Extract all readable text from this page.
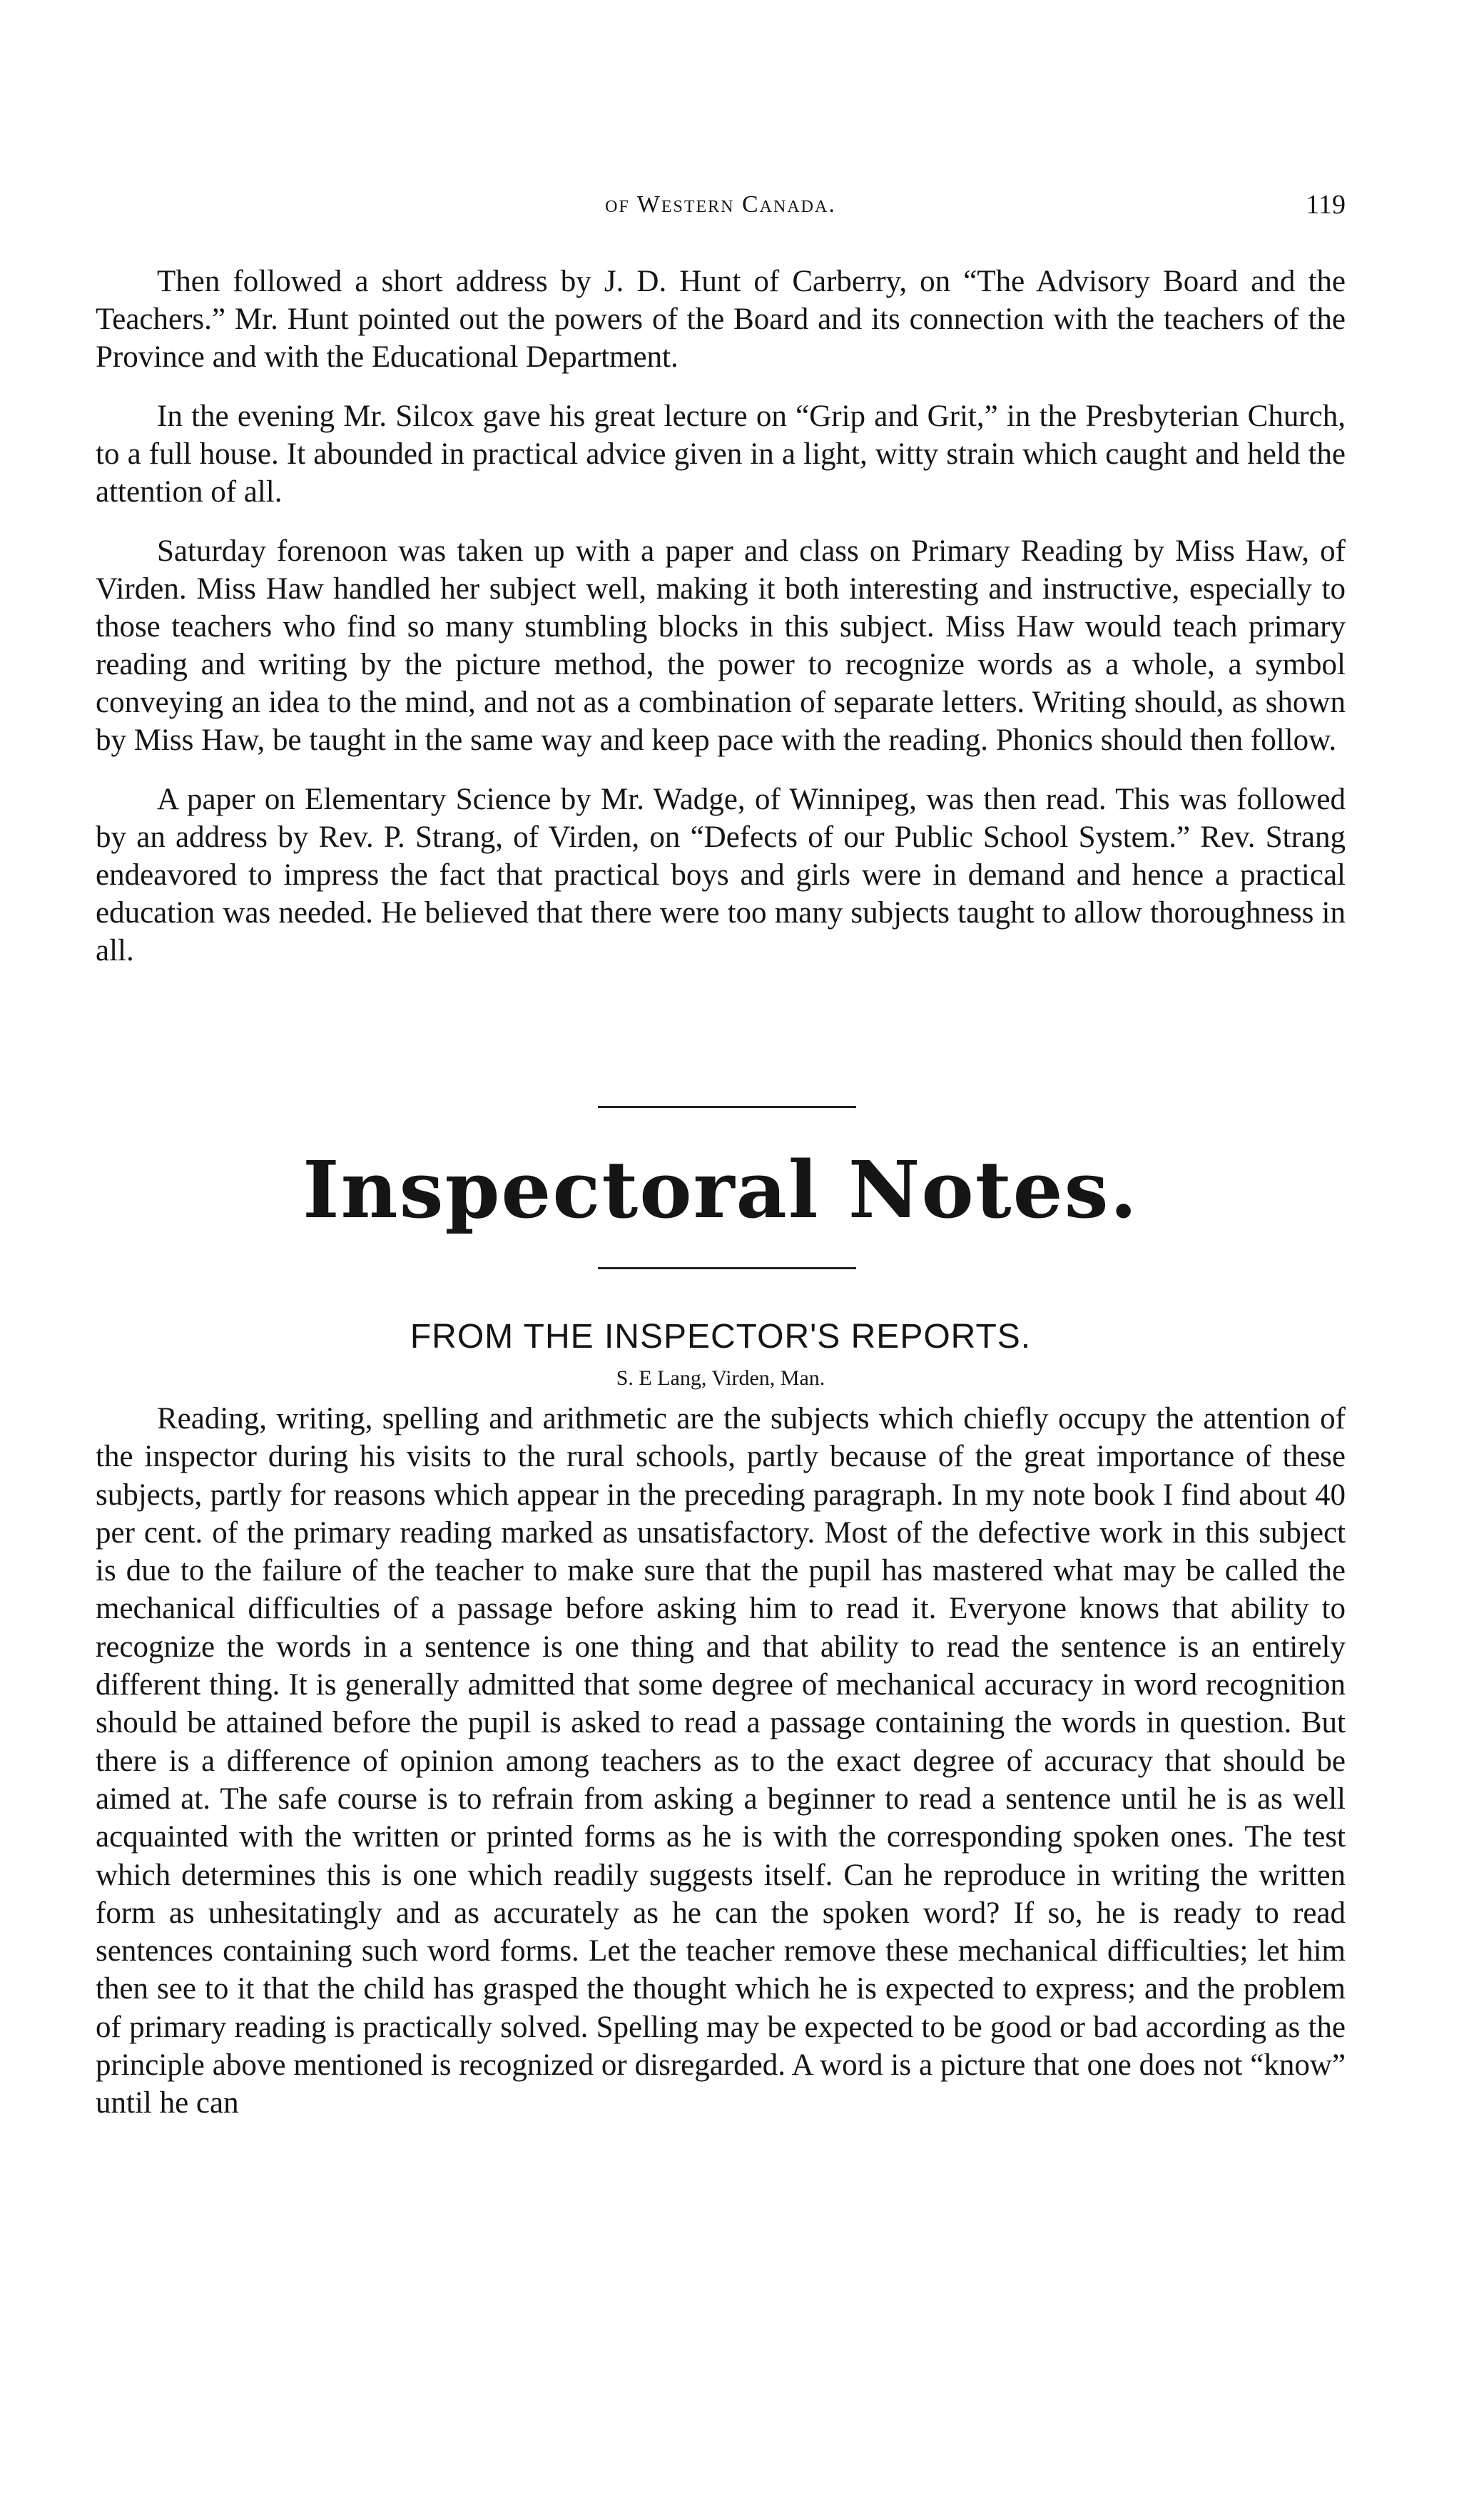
of Western Canada.	119

Then followed a short address by J. D. Hunt of Carberry, on “The Advisory Board and the Teachers.” Mr. Hunt pointed out the powers of the Board and its connection with the teachers of the Province and with the Educational Department.

In the evening Mr. Silcox gave his great lecture on “Grip and Grit,” in the Presbyterian Church, to a full house. It abounded in practical advice given in a light, witty strain which caught and held the attention of all.

Saturday forenoon was taken up with a paper and class on Primary Reading by Miss Haw, of Virden. Miss Haw handled her subject well, making it both interesting and instructive, especially to those teachers who find so many stumbling blocks in this subject. Miss Haw would teach primary reading and writing by the picture method, the power to recognize words as a whole, a symbol conveying an idea to the mind, and not as a combination of separate letters. Writing should, as shown by Miss Haw, be taught in the same way and keep pace with the reading. Phonics should then follow.

A paper on Elementary Science by Mr. Wadge, of Winnipeg, was then read. This was followed by an address by Rev. P. Strang, of Virden, on “Defects of our Public School System.” Rev. Strang endeavored to impress the fact that practical boys and girls were in demand and hence a practical education was needed. He believed that there were too many subjects taught to allow thoroughness in all.

Inspectoral Notes.
FROM THE INSPECTOR'S REPORTS.
S. E Lang, Virden, Man.

Reading, writing, spelling and arithmetic are the subjects which chiefly occupy the attention of the inspector during his visits to the rural schools, partly because of the great importance of these subjects, partly for reasons which appear in the preceding paragraph. In my note book I find about 40 per cent. of the primary reading marked as unsatisfactory. Most of the defective work in this subject is due to the failure of the teacher to make sure that the pupil has mastered what may be called the mechanical difficulties of a passage before asking him to read it. Everyone knows that ability to recognize the words in a sentence is one thing and that ability to read the sentence is an entirely different thing. It is generally admitted that some degree of mechanical accuracy in word recognition should be attained before the pupil is asked to read a passage containing the words in question. But there is a difference of opinion among teachers as to the exact degree of accuracy that should be aimed at. The safe course is to refrain from asking a beginner to read a sentence until he is as well acquainted with the written or printed forms as he is with the corresponding spoken ones. The test which determines this is one which readily suggests itself. Can he reproduce in writing the written form as unhesitatingly and as accurately as he can the spoken word? If so, he is ready to read sentences containing such word forms. Let the teacher remove these mechanical difficulties; let him then see to it that the child has grasped the thought which he is expected to express; and the problem of primary reading is practically solved. Spelling may be expected to be good or bad according as the principle above mentioned is recognized or disregarded. A word is a picture that one does not “know” until he can
